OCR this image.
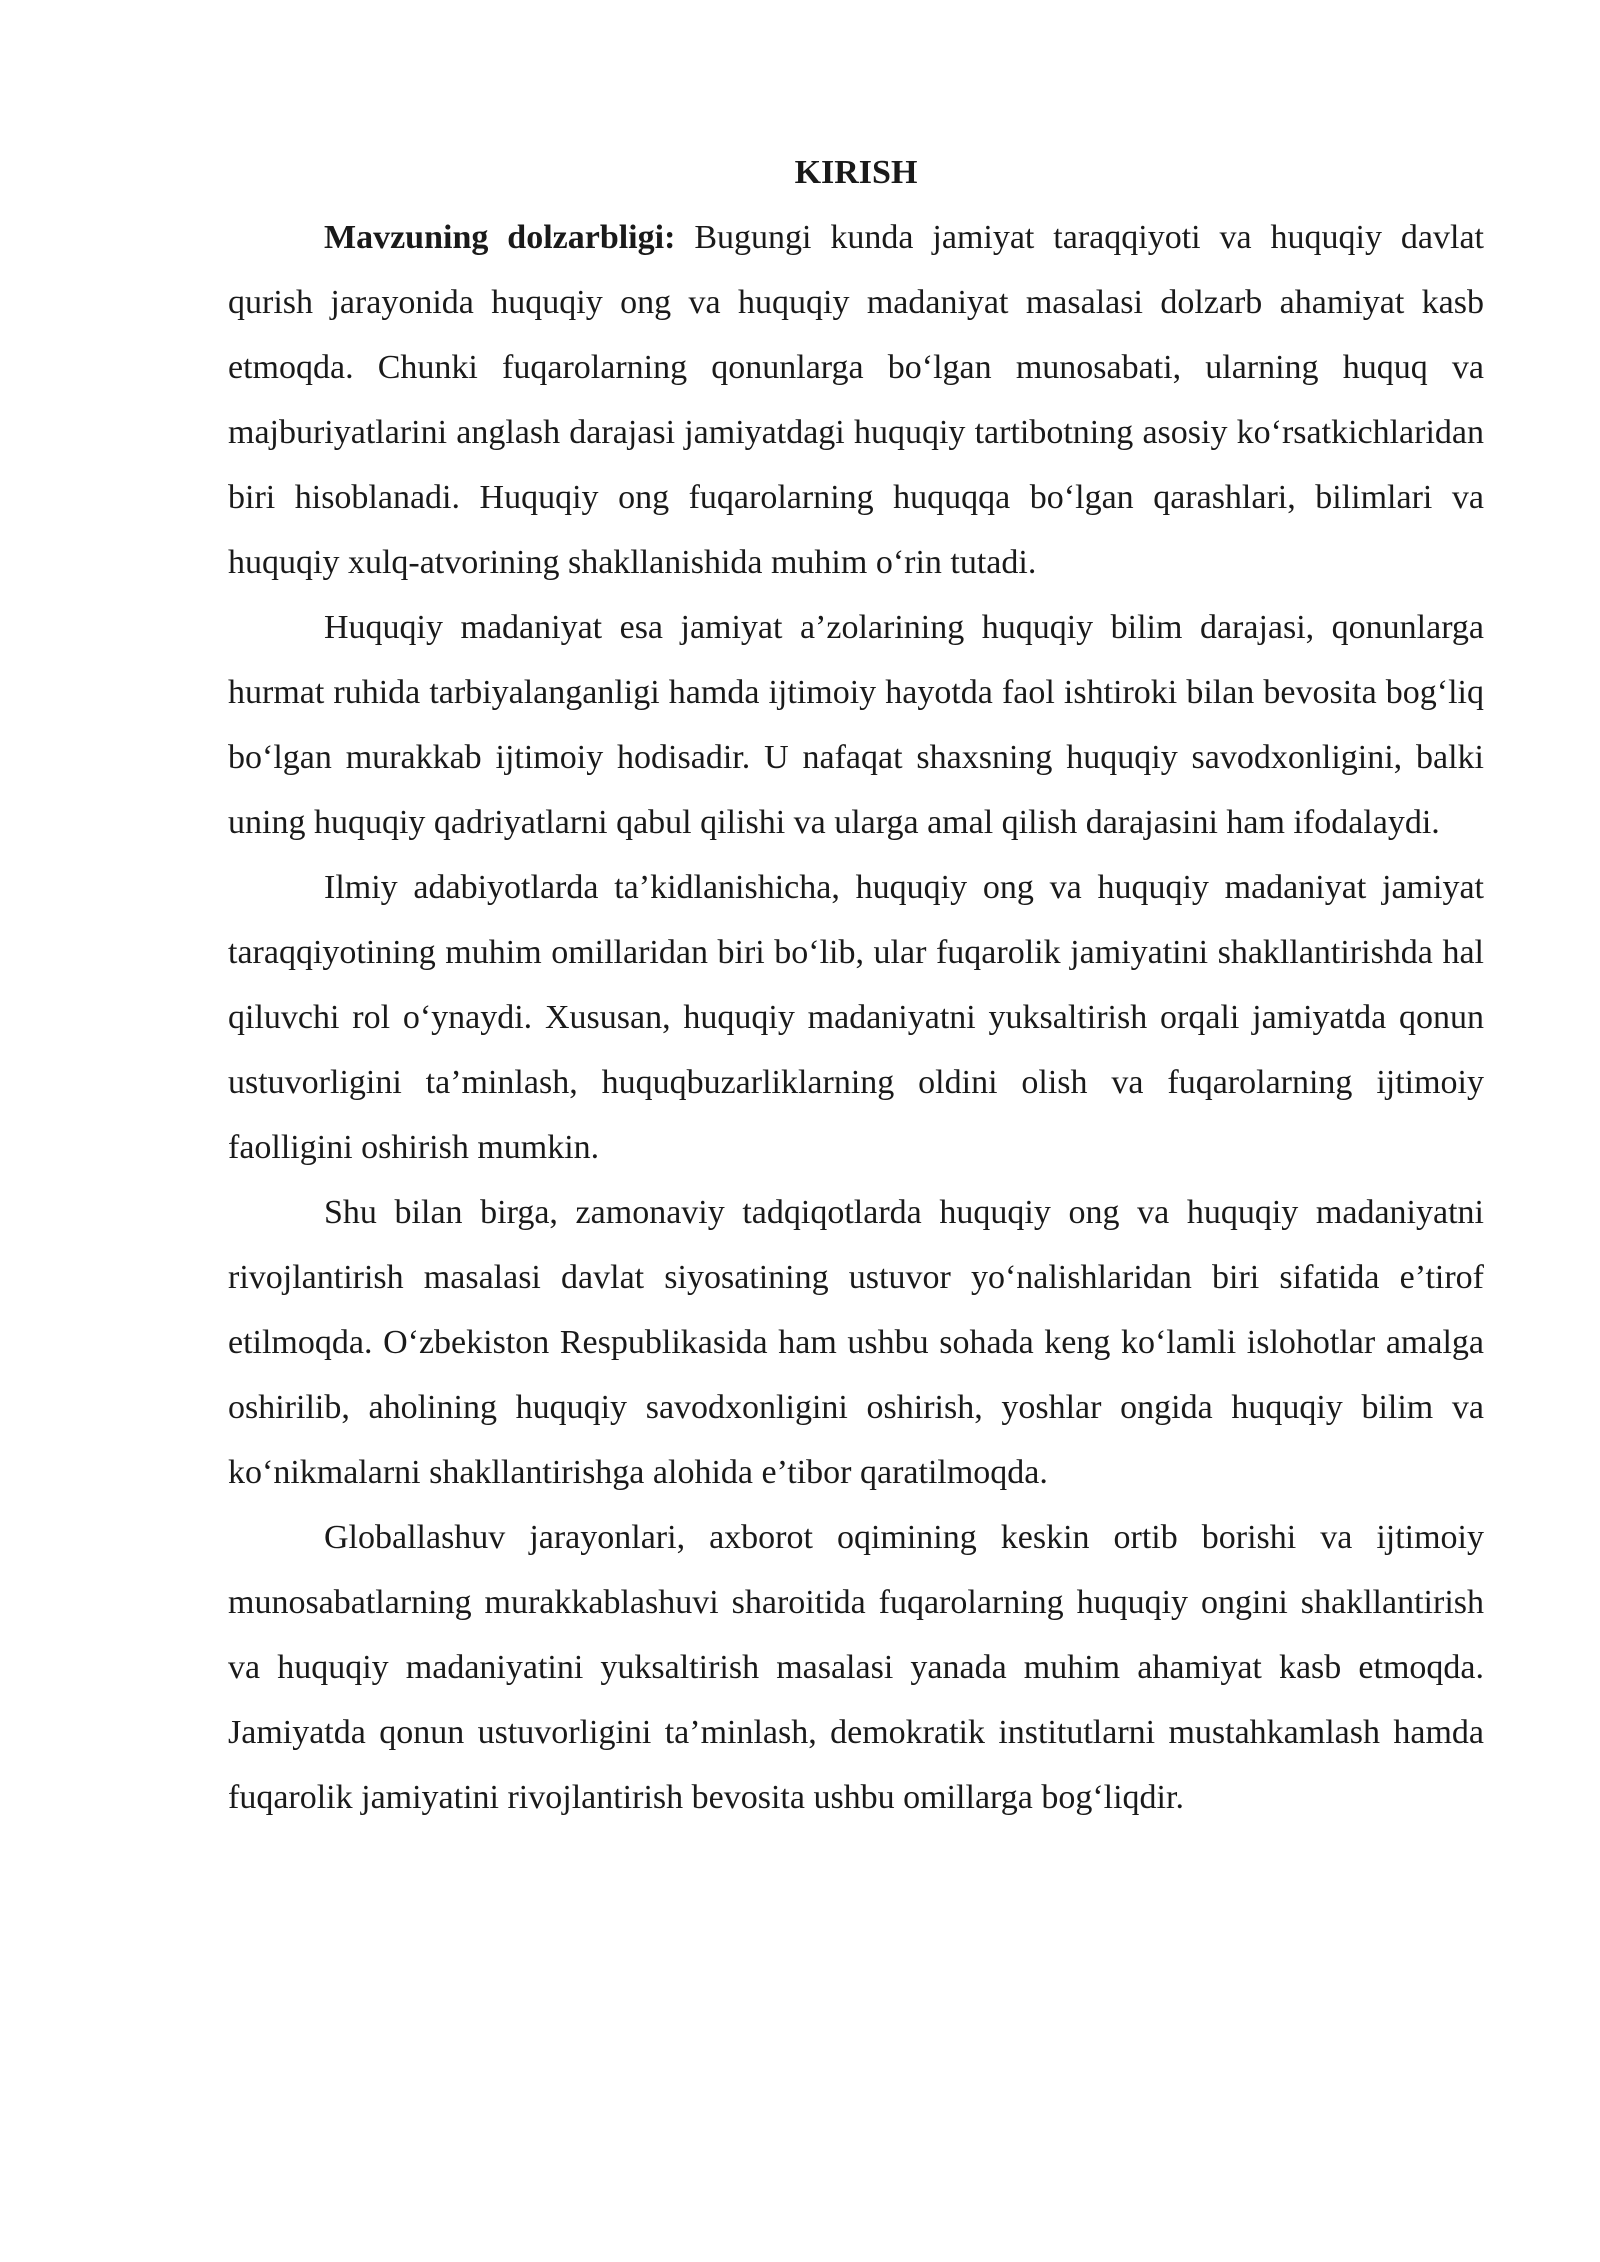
KIRISH

Mavzuning dolzarbligi: Bugungi kunda jamiyat taraqqiyoti va huquqiy davlat qurish jarayonida huquqiy ong va huquqiy madaniyat masalasi dolzarb ahamiyat kasb etmoqda. Chunki fuqarolarning qonunlarga boʻlgan munosabati, ularning huquq va majburiyatlarini anglash darajasi jamiyatdagi huquqiy tartibotning asosiy koʻrsatkichlaridan biri hisoblanadi. Huquqiy ong fuqarolarning huquqqa boʻlgan qarashlari, bilimlari va huquqiy xulq-atvorining shakllanishida muhim oʻrin tutadi.

Huquqiy madaniyat esa jamiyat a’zolarining huquqiy bilim darajasi, qonunlarga hurmat ruhida tarbiyalanganligi hamda ijtimoiy hayotda faol ishtiroki bilan bevosita bogʻliq boʻlgan murakkab ijtimoiy hodisadir. U nafaqat shaxsning huquqiy savodxonligini, balki uning huquqiy qadriyatlarni qabul qilishi va ularga amal qilish darajasini ham ifodalaydi.

Ilmiy adabiyotlarda ta’kidlanishicha, huquqiy ong va huquqiy madaniyat jamiyat taraqqiyotining muhim omillaridan biri boʻlib, ular fuqarolik jamiyatini shakllantirishda hal qiluvchi rol oʻynaydi. Xususan, huquqiy madaniyatni yuksaltirish orqali jamiyatda qonun ustuvorligini ta’minlash, huquqbuzarliklarning oldini olish va fuqarolarning ijtimoiy faolligini oshirish mumkin.

Shu bilan birga, zamonaviy tadqiqotlarda huquqiy ong va huquqiy madaniyatni rivojlantirish masalasi davlat siyosatining ustuvor yoʻnalishlaridan biri sifatida e’tirof etilmoqda. Oʻzbekiston Respublikasida ham ushbu sohada keng koʻlamli islohotlar amalga oshirilib, aholining huquqiy savodxonligini oshirish, yoshlar ongida huquqiy bilim va koʻnikmalarni shakllantirishga alohida e’tibor qaratilmoqda.

Globallashuv jarayonlari, axborot oqimining keskin ortib borishi va ijtimoiy munosabatlarning murakkablashuvi sharoitida fuqarolarning huquqiy ongini shakllantirish va huquqiy madaniyatini yuksaltirish masalasi yanada muhim ahamiyat kasb etmoqda. Jamiyatda qonun ustuvorligini ta’minlash, demokratik institutlarni mustahkamlash hamda fuqarolik jamiyatini rivojlantirish bevosita ushbu omillarga bogʻliqdir.
